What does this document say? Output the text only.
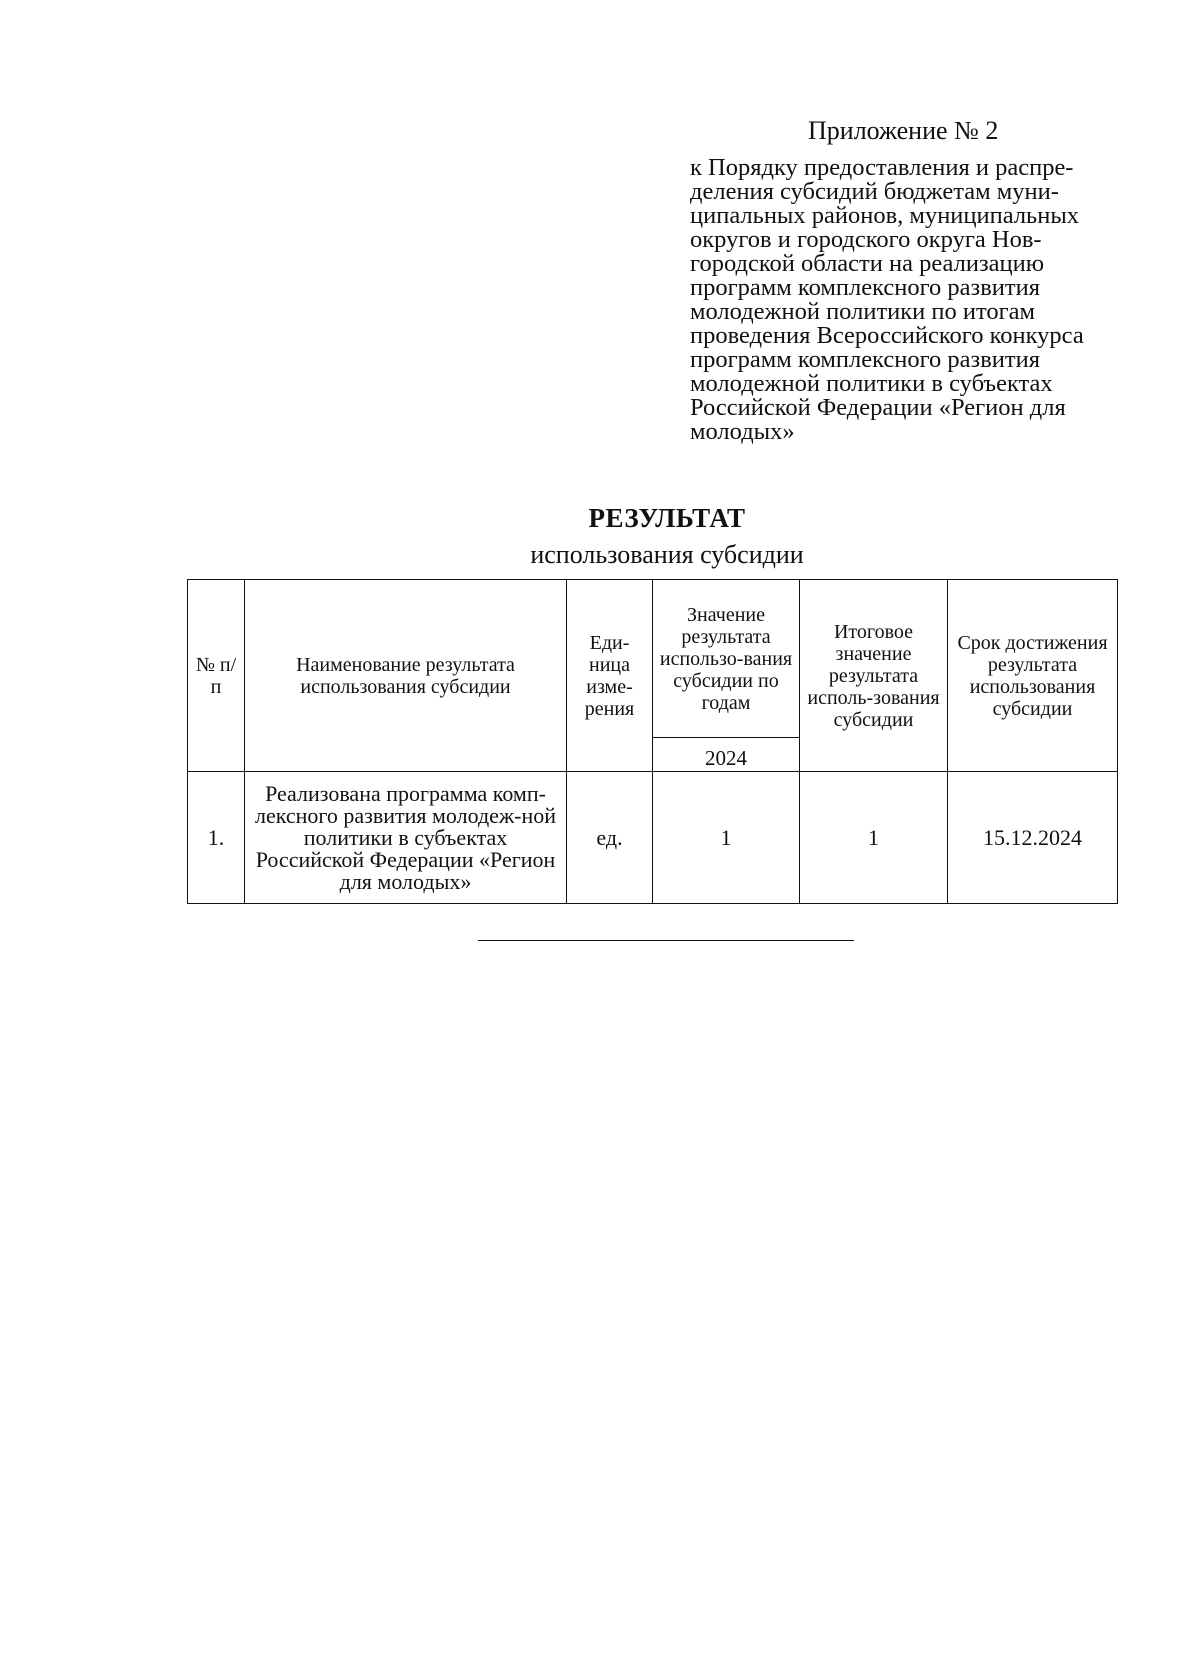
Приложение № 2

к Порядку предоставления и распре-
деления субсидий бюджетам муни-
ципальных районов, муниципальных
округов и городского округа Нов-
городской области на реализацию
программ комплексного развития
молодежной политики по итогам
проведения Всероссийского конкурса
программ комплексного развития
молодежной политики в субъектах
Российской Федерации «Регион для
молодых»

РЕЗУЛЬТАТ
использования субсидии
№ п/п	Наименование результата использования субсидии	Еди-ница изме-рения	Значение результата использо-вания субсидии по годам	Итоговое значение результата исполь-зования субсидии	Срок достижения результата использования субсидии
			2024		
1.	Реализована программа комп-лексного развития молодеж-ной политики в субъектах Российской Федерации «Регион для молодых»	ед.	1	1	15.12.2024
